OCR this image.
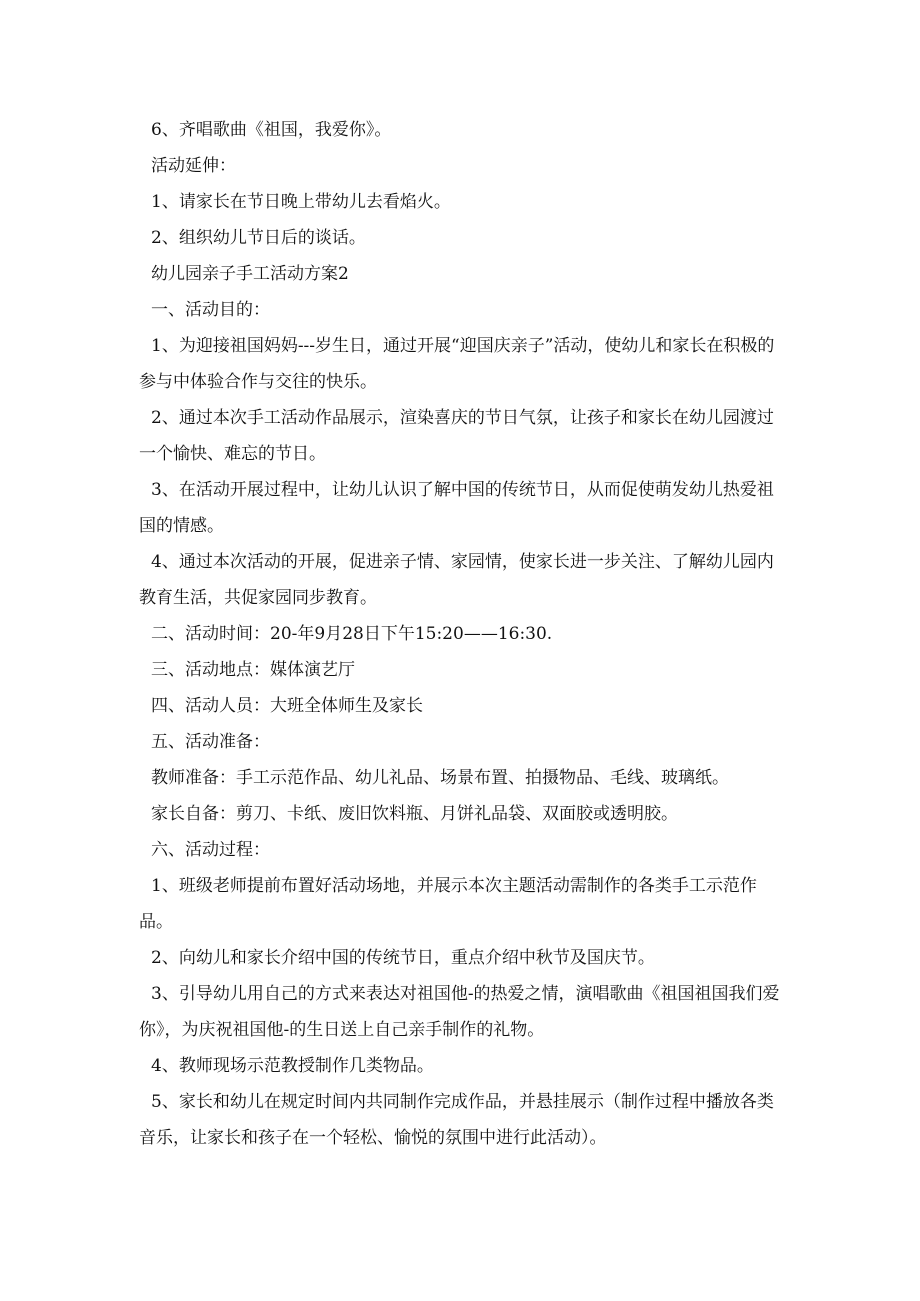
6、齐唱歌曲《祖国，我爱你》。

活动延伸：

1、请家长在节日晚上带幼儿去看焰火。

2、组织幼儿节日后的谈话。

幼儿园亲子手工活动方案2

一、活动目的：

1、为迎接祖国妈妈---岁生日，通过开展“迎国庆亲子”活动，使幼儿和家长在积极的参与中体验合作与交往的快乐。

2、通过本次手工活动作品展示，渲染喜庆的节日气氛，让孩子和家长在幼儿园渡过一个愉快、难忘的节日。

3、在活动开展过程中，让幼儿认识了解中国的传统节日，从而促使萌发幼儿热爱祖国的情感。

4、通过本次活动的开展，促进亲子情、家园情，使家长进一步关注、了解幼儿园内教育生活，共促家园同步教育。

二、活动时间：20-年9月28日下午15:20——16:30.

三、活动地点：媒体演艺厅

四、活动人员：大班全体师生及家长

五、活动准备：

教师准备：手工示范作品、幼儿礼品、场景布置、拍摄物品、毛线、玻璃纸。

家长自备：剪刀、卡纸、废旧饮料瓶、月饼礼品袋、双面胶或透明胶。

六、活动过程：

1、班级老师提前布置好活动场地，并展示本次主题活动需制作的各类手工示范作品。

2、向幼儿和家长介绍中国的传统节日，重点介绍中秋节及国庆节。

3、引导幼儿用自己的方式来表达对祖国他-的热爱之情，演唱歌曲《祖国祖国我们爱你》，为庆祝祖国他-的生日送上自己亲手制作的礼物。

4、教师现场示范教授制作几类物品。

5、家长和幼儿在规定时间内共同制作完成作品，并悬挂展示（制作过程中播放各类音乐，让家长和孩子在一个轻松、愉悦的氛围中进行此活动）。
